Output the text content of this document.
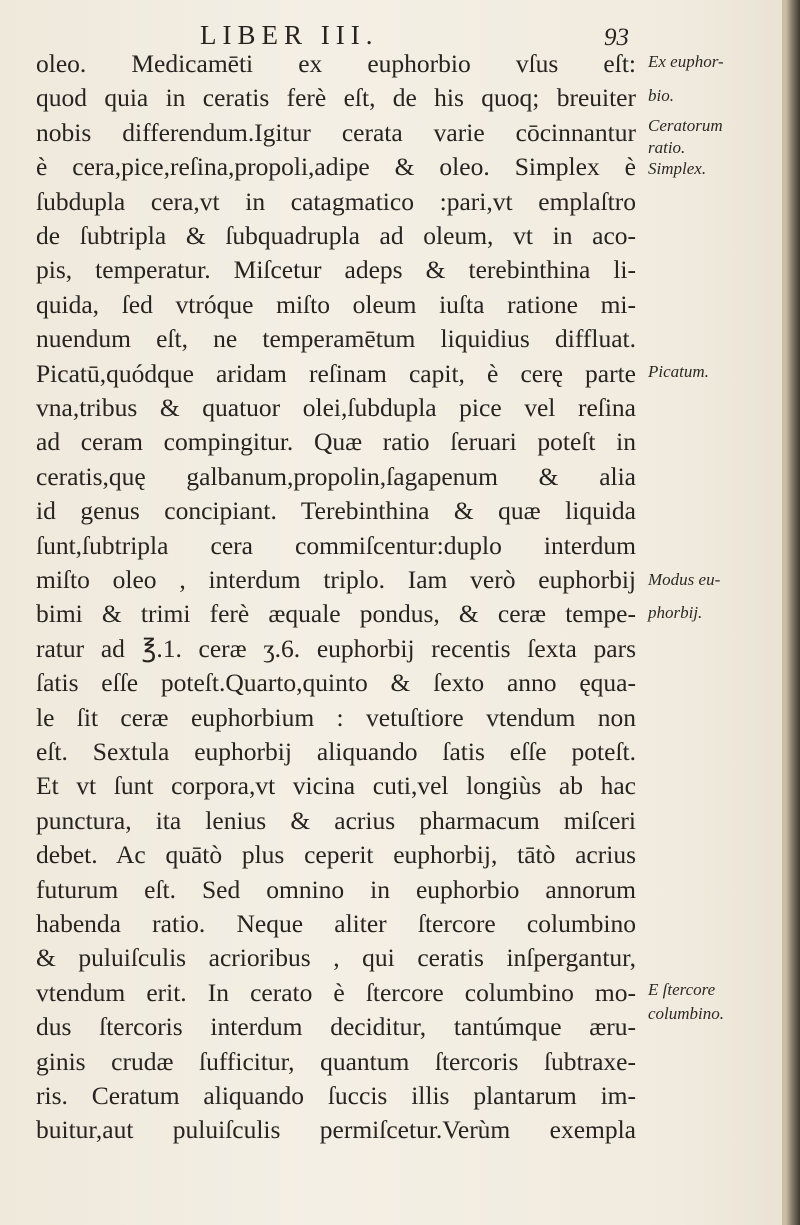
LIBER III.	93
oleo. Medicamēti ex euphorbio vſus eſt:
quod quia in ceratis ferè eſt, de his quoq; breuiter
nobis differendum.Igitur cerata varie cōcinnantur
è cera,pice,reſina,propoli,adipe & oleo. Simplex è
ſubdupla cera,vt in catagmatico :pari,vt emplaſtro
de ſubtripla & ſubquadrupla ad oleum, vt in aco-
pis, temperatur. Miſcetur adeps & terebinthina li-
quida, ſed vtróque miſto oleum iuſta ratione mi-
nuendum eſt, ne temperamētum liquidius diffluat.
Picatū,quódque aridam reſinam capit, è cerę parte
vna,tribus & quatuor olei,ſubdupla pice vel reſina
ad ceram compingitur. Quæ ratio ſeruari poteſt in
ceratis,quę galbanum,propolin,ſagapenum & alia
id genus concipiant. Terebinthina & quæ liquida
ſunt,ſubtripla cera commiſcentur:duplo interdum
miſto oleo , interdum triplo. Iam verò euphorbij
bimi & trimi ferè æquale pondus, & ceræ tempe-
ratur ad ℥.1. ceræ ʒ.6. euphorbij recentis ſexta pars
ſatis eſſe poteſt.Quarto,quinto & ſexto anno ęqua-
le ſit ceræ euphorbium : vetuſtiore vtendum non
eſt. Sextula euphorbij aliquando ſatis eſſe poteſt.
Et vt ſunt corpora,vt vicina cuti,vel longiùs ab hac
punctura, ita lenius & acrius pharmacum miſceri
debet. Ac quātò plus ceperit euphorbij, tātò acrius
futurum eſt. Sed omnino in euphorbio annorum
habenda ratio. Neque aliter ſtercore columbino
& puluiſculis acrioribus , qui ceratis inſpergantur,
vtendum erit. In cerato è ſtercore columbino mo-
dus ſtercoris interdum deciditur, tantúmque æru-
ginis crudæ ſufficitur, quantum ſtercoris ſubtraxe-
ris. Ceratum aliquando ſuccis illis plantarum im-
buitur,aut puluiſculis permiſcetur.Verùm exempla
Ex euphor-
bio.
Ceratorum
ratio.
Simplex.
Picatum.
Modus eu-
phorbij.
E ſtercore
columbino.
